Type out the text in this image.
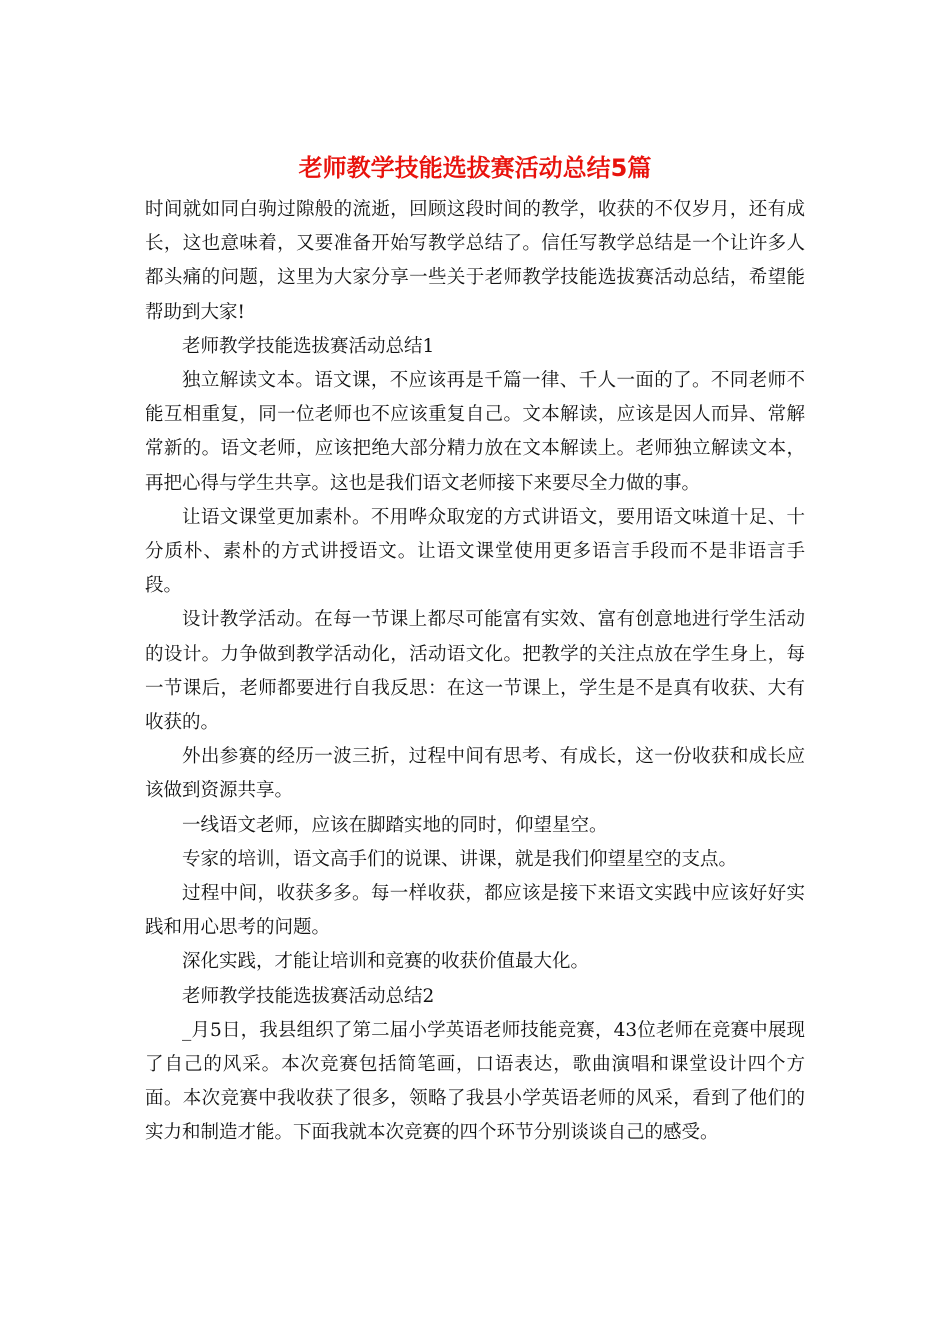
老师教学技能选拔赛活动总结5篇

时间就如同白驹过隙般的流逝，回顾这段时间的教学，收获的不仅岁月，还有成长，这也意味着，又要准备开始写教学总结了。信任写教学总结是一个让许多人都头痛的问题，这里为大家分享一些关于老师教学技能选拔赛活动总结，希望能帮助到大家!

老师教学技能选拔赛活动总结1

独立解读文本。语文课，不应该再是千篇一律、千人一面的了。不同老师不能互相重复，同一位老师也不应该重复自己。文本解读，应该是因人而异、常解常新的。语文老师，应该把绝大部分精力放在文本解读上。老师独立解读文本，再把心得与学生共享。这也是我们语文老师接下来要尽全力做的事。

让语文课堂更加素朴。不用哗众取宠的方式讲语文，要用语文味道十足、十分质朴、素朴的方式讲授语文。让语文课堂使用更多语言手段而不是非语言手段。

设计教学活动。在每一节课上都尽可能富有实效、富有创意地进行学生活动的设计。力争做到教学活动化，活动语文化。把教学的关注点放在学生身上，每一节课后，老师都要进行自我反思：在这一节课上，学生是不是真有收获、大有收获的。

外出参赛的经历一波三折，过程中间有思考、有成长，这一份收获和成长应该做到资源共享。

一线语文老师，应该在脚踏实地的同时，仰望星空。

专家的培训，语文高手们的说课、讲课，就是我们仰望星空的支点。

过程中间，收获多多。每一样收获，都应该是接下来语文实践中应该好好实践和用心思考的问题。

深化实践，才能让培训和竞赛的收获价值最大化。

老师教学技能选拔赛活动总结2

_月5日，我县组织了第二届小学英语老师技能竞赛，43位老师在竞赛中展现了自己的风采。本次竞赛包括简笔画，口语表达，歌曲演唱和课堂设计四个方面。本次竞赛中我收获了很多，领略了我县小学英语老师的风采，看到了他们的实力和制造才能。下面我就本次竞赛的四个环节分别谈谈自己的感受。
